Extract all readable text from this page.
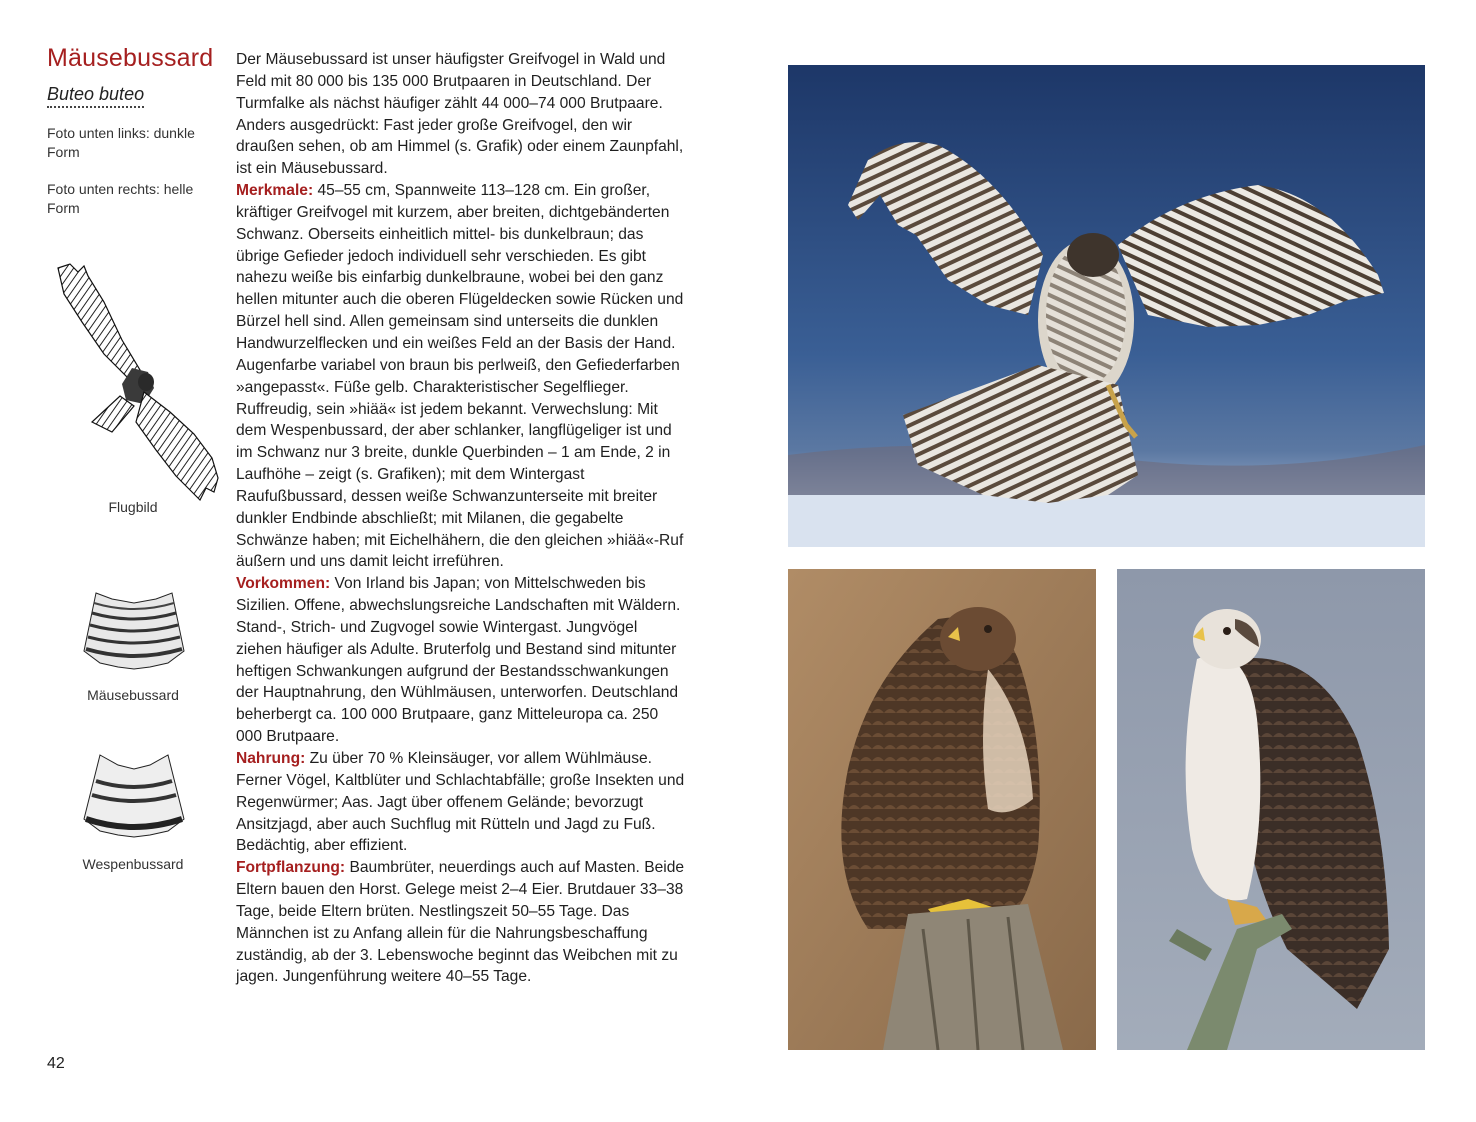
Mäusebussard
Buteo buteo
Foto unten links: dunkle Form
Foto unten rechts: helle Form
Flugbild
Mäusebussard
Wespenbussard

Der Mäusebussard ist unser häufigster Greifvogel in Wald und Feld mit 80 000 bis 135 000 Brutpaaren in Deutschland. Der Turmfalke als nächst häufiger zählt 44 000–74 000 Brutpaare. Anders ausgedrückt: Fast jeder große Greifvogel, den wir draußen sehen, ob am Himmel (s. Grafik) oder einem Zaunpfahl, ist ein Mäusebussard.

Merkmale: 45–55 cm, Spannweite 113–128 cm. Ein großer, kräftiger Greifvogel mit kurzem, aber breiten, dichtgebänderten Schwanz. Oberseits einheitlich mittel- bis dunkelbraun; das übrige Gefieder jedoch individuell sehr verschieden. Es gibt nahezu weiße bis einfarbig dunkelbraune, wobei bei den ganz hellen mitunter auch die oberen Flügeldecken sowie Rücken und Bürzel hell sind. Allen gemeinsam sind unterseits die dunklen Handwurzelflecken und ein weißes Feld an der Basis der Hand. Augenfarbe variabel von braun bis perlweiß, den Gefiederfarben »angepasst«. Füße gelb. Charakteristischer Segelflieger. Ruffreudig, sein »hiää« ist jedem bekannt. Verwechslung: Mit dem Wespenbussard, der aber schlanker, langflügeliger ist und im Schwanz nur 3 breite, dunkle Querbinden – 1 am Ende, 2 in Laufhöhe – zeigt (s. Grafiken); mit dem Wintergast Raufußbussard, dessen weiße Schwanzunterseite mit breiter dunkler Endbinde abschließt; mit Milanen, die gegabelte Schwänze haben; mit Eichelhähern, die den gleichen »hiää«-Ruf äußern und uns damit leicht irreführen.

Vorkommen: Von Irland bis Japan; von Mittelschweden bis Sizilien. Offene, abwechslungsreiche Landschaften mit Wäldern. Stand-, Strich- und Zugvogel sowie Wintergast. Jungvögel ziehen häufiger als Adulte. Bruterfolg und Bestand sind mitunter heftigen Schwankungen aufgrund der Bestandsschwankungen der Hauptnahrung, den Wühlmäusen, unterworfen. Deutschland beherbergt ca. 100 000 Brutpaare, ganz Mitteleuropa ca. 250 000 Brutpaare.

Nahrung: Zu über 70 % Kleinsäuger, vor allem Wühlmäuse. Ferner Vögel, Kaltblüter und Schlachtabfälle; große Insekten und Regenwürmer; Aas. Jagt über offenem Gelände; bevorzugt Ansitzjagd, aber auch Suchflug mit Rütteln und Jagd zu Fuß. Bedächtig, aber effizient.

Fortpflanzung: Baumbrüter, neuerdings auch auf Masten. Beide Eltern bauen den Horst. Gelege meist 2–4 Eier. Brutdauer 33–38 Tage, beide Eltern brüten. Nestlingszeit 50–55 Tage. Das Männchen ist zu Anfang allein für die Nahrungsbeschaffung zuständig, ab der 3. Lebenswoche beginnt das Weibchen mit zu jagen. Jungenführung weitere 40–55 Tage.

42
